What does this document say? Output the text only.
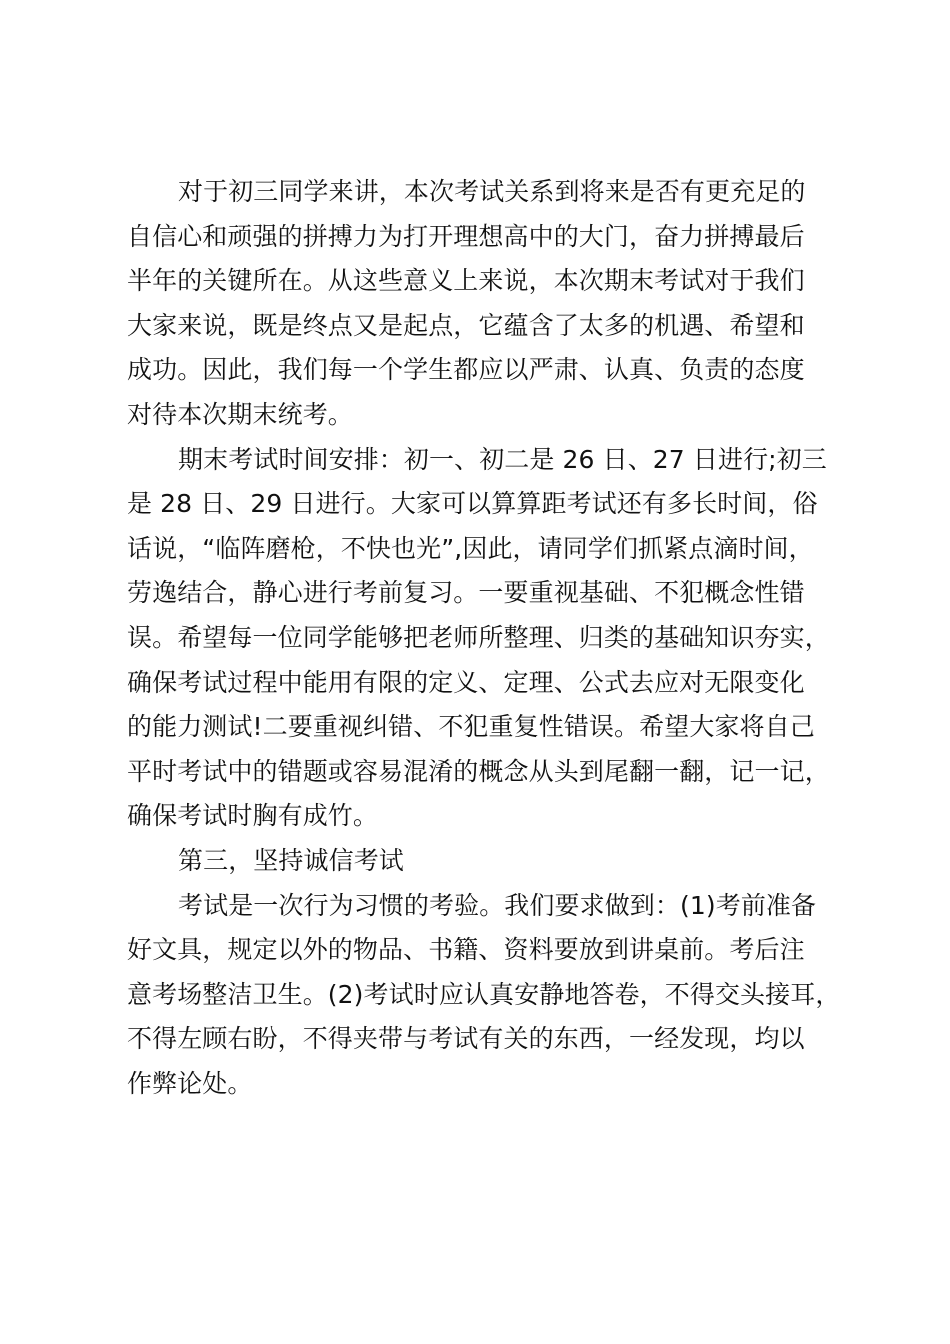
对于初三同学来讲，本次考试关系到将来是否有更充足的
自信心和顽强的拼搏力为打开理想高中的大门，奋力拼搏最后
半年的关键所在。从这些意义上来说，本次期末考试对于我们
大家来说，既是终点又是起点，它蕴含了太多的机遇、希望和
成功。因此，我们每一个学生都应以严肃、认真、负责的态度
对待本次期末统考。
期末考试时间安排：初一、初二是 26 日、27 日进行;初三
是 28 日、29 日进行。大家可以算算距考试还有多长时间，俗
话说，“临阵磨枪，不快也光”,因此，请同学们抓紧点滴时间，
劳逸结合，静心进行考前复习。一要重视基础、不犯概念性错
误。希望每一位同学能够把老师所整理、归类的基础知识夯实，
确保考试过程中能用有限的定义、定理、公式去应对无限变化
的能力测试!二要重视纠错、不犯重复性错误。希望大家将自己
平时考试中的错题或容易混淆的概念从头到尾翻一翻，记一记，
确保考试时胸有成竹。
第三，坚持诚信考试
考试是一次行为习惯的考验。我们要求做到：(1)考前准备
好文具，规定以外的物品、书籍、资料要放到讲桌前。考后注
意考场整洁卫生。(2)考试时应认真安静地答卷，不得交头接耳，
不得左顾右盼，不得夹带与考试有关的东西，一经发现，均以
作弊论处。
